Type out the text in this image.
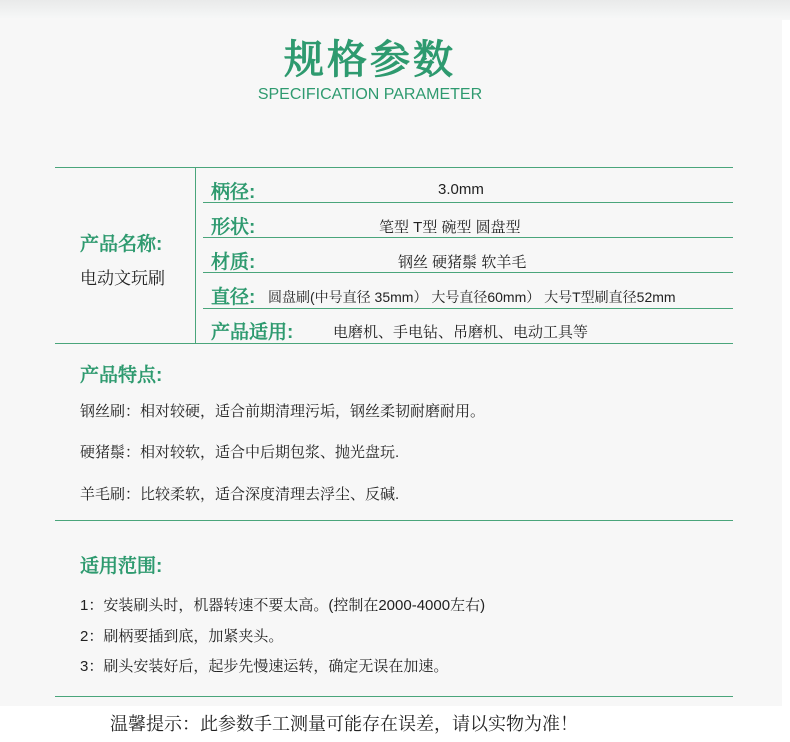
规格参数
SPECIFICATION PARAMETER
产品名称:
电动文玩刷
柄径:	3.0mm
形状:	笔型 T型 碗型 圆盘型
材质:	钢丝 硬猪鬃 软羊毛
直径: 圆盘刷(中号直径 35mm） 大号直径60mm） 大号T型刷直径52mm
产品适用:	电磨机、手电钻、吊磨机、电动工具等
产品特点:
钢丝刷：相对较硬，适合前期清理污垢，钢丝柔韧耐磨耐用。
硬猪鬃：相对较软，适合中后期包浆、抛光盘玩.
羊毛刷：比较柔软，适合深度清理去浮尘、反碱.
适用范围:
1：安装刷头时，机器转速不要太高。(控制在2000-4000左右)
2：刷柄要插到底，加紧夹头。
3：刷头安装好后，起步先慢速运转，确定无误在加速。
温馨提示：此参数手工测量可能存在误差，请以实物为准！
